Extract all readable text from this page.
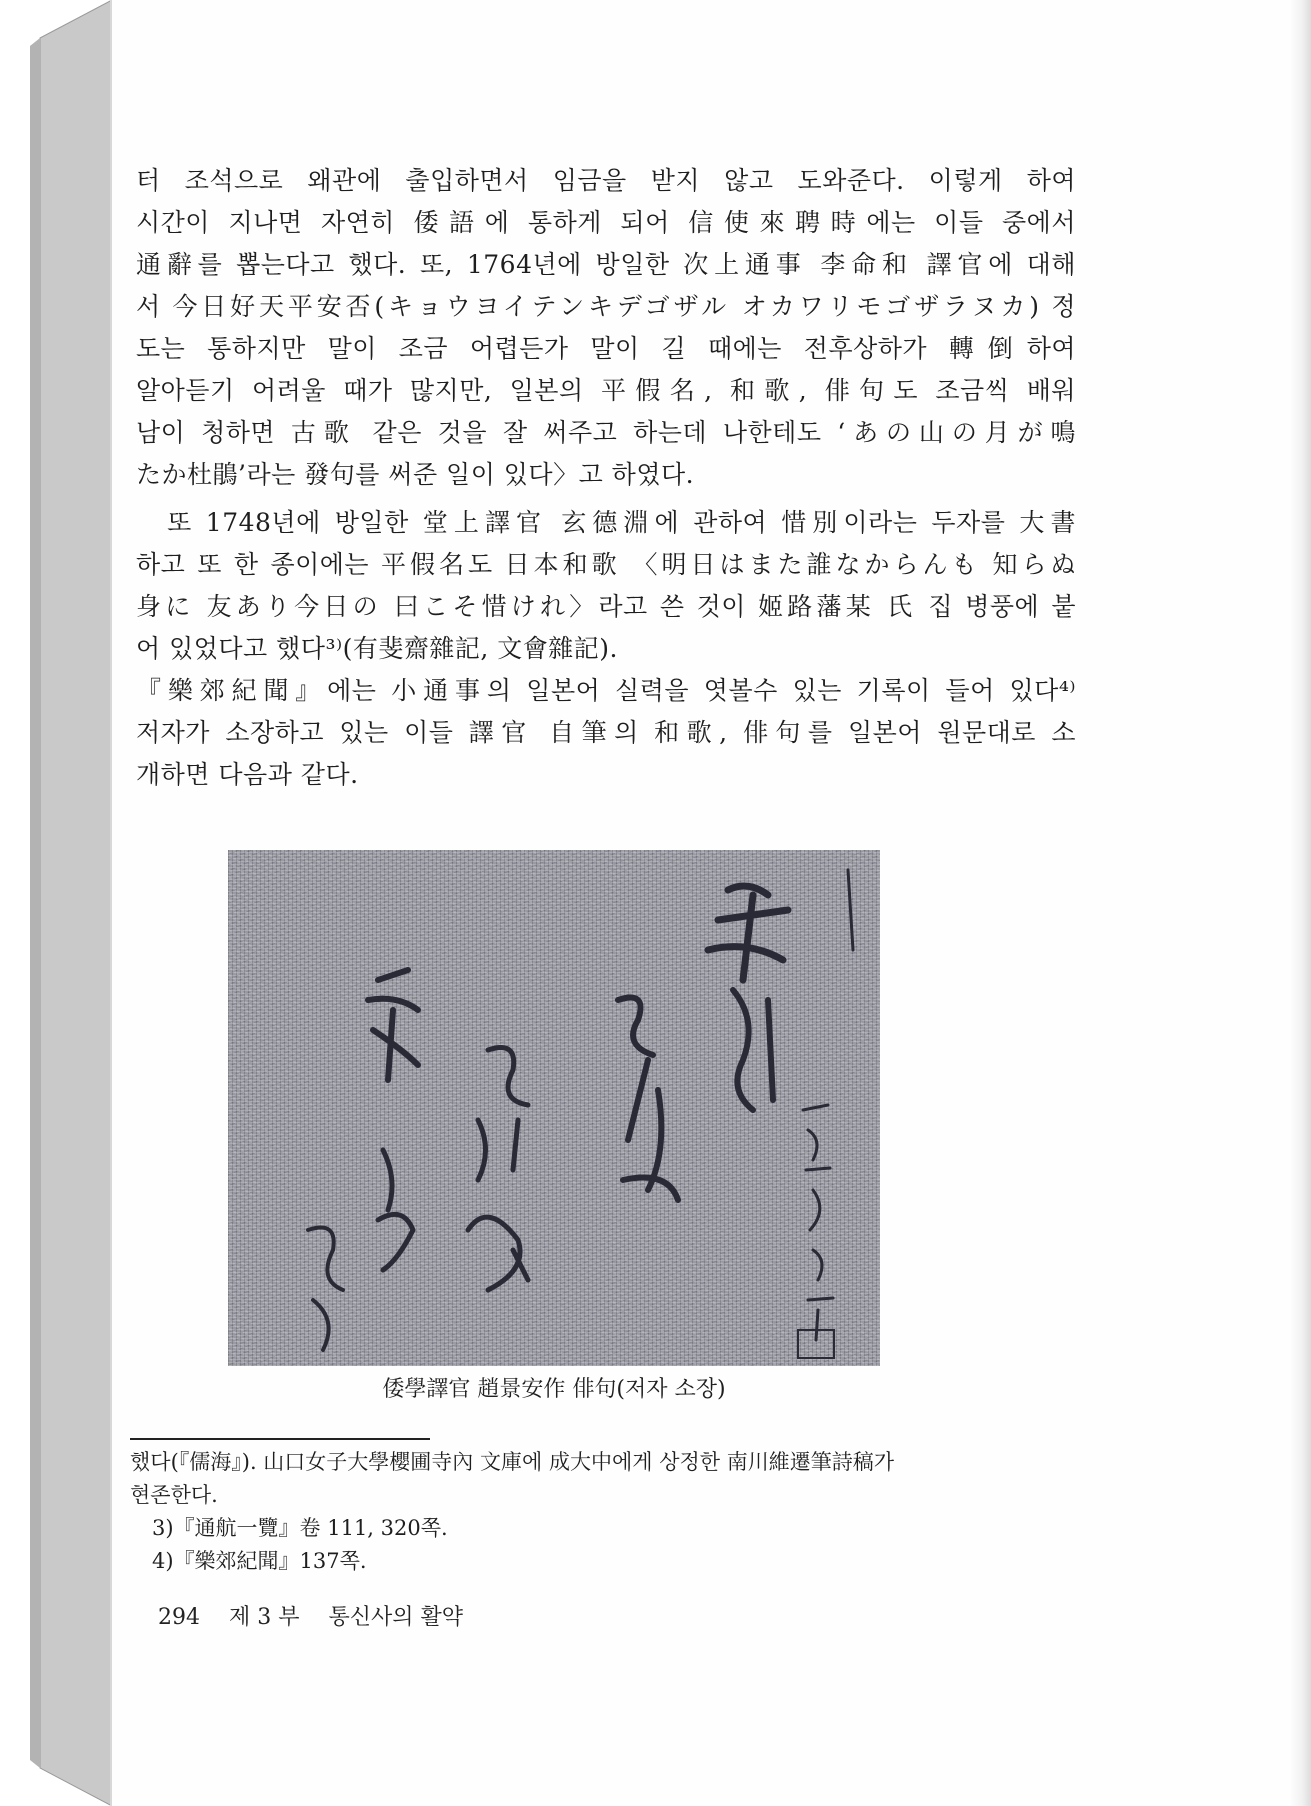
터 조석으로 왜관에 출입하면서 임금을 받지 않고 도와준다. 이렇게 하여
시간이 지나면 자연히 倭語에 통하게 되어 信使來聘時에는 이들 중에서
通辭를 뽑는다고 했다. 또, 1764년에 방일한 次上通事 李命和 譯官에 대해
서 今日好天平安否(キョウヨイテンキデゴザル オカワリモゴザラヌカ) 정
도는 통하지만 말이 조금 어렵든가 말이 길 때에는 전후상하가 轉倒하여
알아듣기 어려울 때가 많지만, 일본의 平假名, 和歌, 俳句도 조금씩 배워
남이 청하면 古歌 같은 것을 잘 써주고 하는데 나한테도 ‘あの山の月が鳴
たか杜鵑’라는 發句를 써준 일이 있다〉고 하였다.
　또 1748년에 방일한 堂上譯官 玄德淵에 관하여 惜別이라는 두자를 大書
하고 또 한 종이에는 平假名도 日本和歌 〈明日はまた誰なからんも 知らぬ
身に 友あり今日の 曰こそ惜けれ〉라고 쓴 것이 姬路藩某 氏 집 병풍에 붙
어 있었다고 했다³⁾(有斐齋雜記, 文會雜記).
『樂郊紀聞』에는 小通事의 일본어 실력을 엿볼수 있는 기록이 들어 있다⁴⁾
저자가 소장하고 있는 이들 譯官 自筆의 和歌, 俳句를 일본어 원문대로 소
개하면 다음과 같다.
倭學譯官 趙景安作 俳句(저자 소장)
했다(『儒海』). 山口女子大學櫻圃寺內 文庫에 成大中에게 상정한 南川維遷筆詩稿가
현존한다.
3)『通航一覽』卷 111, 320쪽.
4)『樂郊紀聞』137쪽.
294 제 3 부 통신사의 활약
